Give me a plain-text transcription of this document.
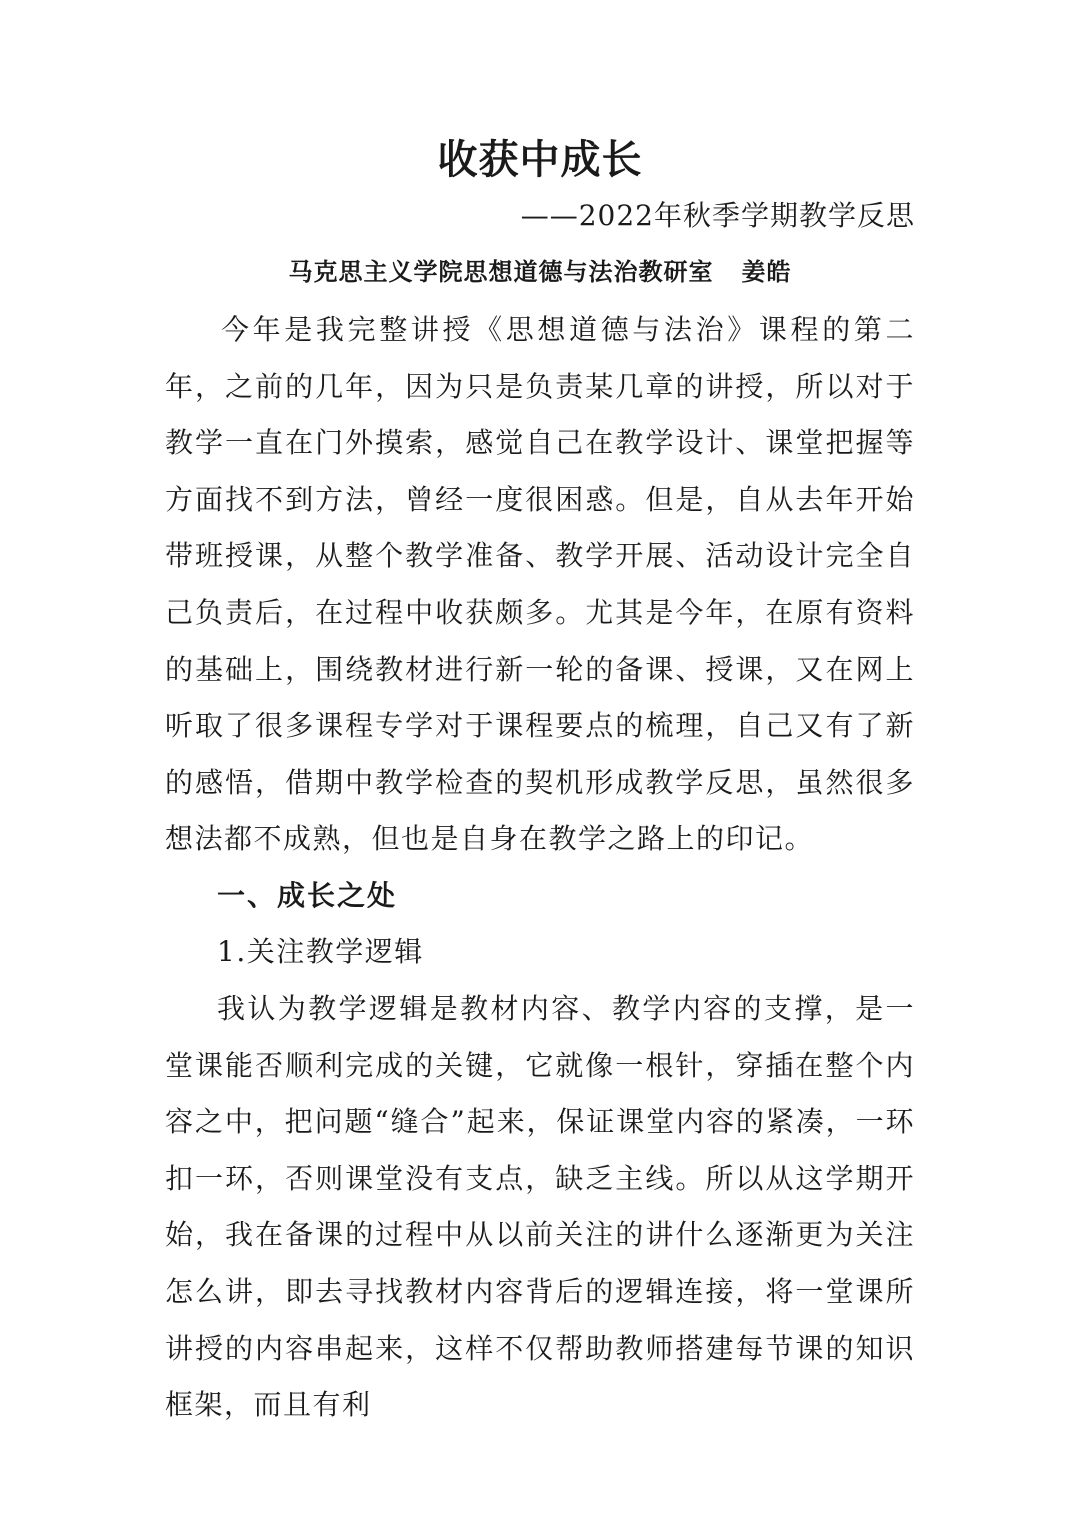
收获中成长
——2022年秋季学期教学反思
马克思主义学院思想道德与法治教研室   姜皓
今年是我完整讲授《思想道德与法治》课程的第二年，之前的几年，因为只是负责某几章的讲授，所以对于教学一直在门外摸索，感觉自己在教学设计、课堂把握等方面找不到方法，曾经一度很困惑。但是，自从去年开始带班授课，从整个教学准备、教学开展、活动设计完全自己负责后，在过程中收获颇多。尤其是今年，在原有资料的基础上，围绕教材进行新一轮的备课、授课，又在网上听取了很多课程专学对于课程要点的梳理，自己又有了新的感悟，借期中教学检查的契机形成教学反思，虽然很多想法都不成熟，但也是自身在教学之路上的印记。
一、成长之处
1.关注教学逻辑
我认为教学逻辑是教材内容、教学内容的支撑，是一堂课能否顺利完成的关键，它就像一根针，穿插在整个内容之中，把问题“缝合”起来，保证课堂内容的紧凑，一环扣一环，否则课堂没有支点，缺乏主线。所以从这学期开始，我在备课的过程中从以前关注的讲什么逐渐更为关注怎么讲，即去寻找教材内容背后的逻辑连接，将一堂课所讲授的内容串起来，这样不仅帮助教师搭建每节课的知识框架，而且有利
